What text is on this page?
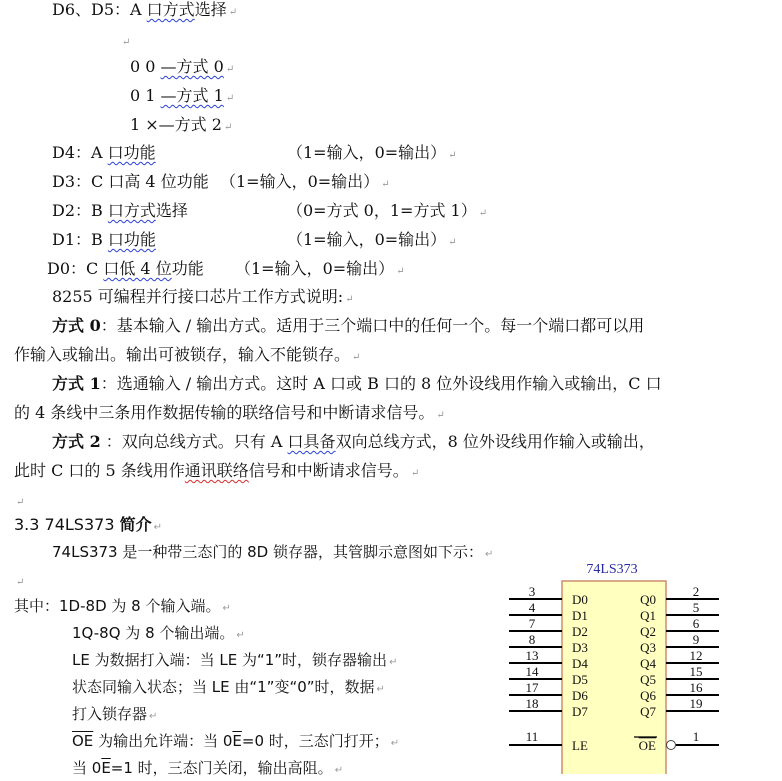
D6、D5：A 口方式选择 ↵
↵
0 0 —方式 0 ↵
0 1 —方式 1 ↵
1 ×—方式 2 ↵
D4：A 口功能	（1=输入，0=输出） ↵
D3：C 口高 4 位功能 （1=输入，0=输出） ↵
D2：B 口方式选择	（0=方式 0，1=方式 1） ↵
D1：B 口功能	（1=输入，0=输出） ↵
D0：C 口低 4 位功能 （1=输入，0=输出） ↵
8255 可编程并行接口芯片工作方式说明: ↵
方式 0：基本输入 / 输出方式。适用于三个端口中的任何一个。每一个端口都可以用
作输入或输出。输出可被锁存，输入不能锁存。 ↵
方式 1：选通输入 / 输出方式。这时 A 口或 B 口的 8 位外设线用作输入或输出，C 口
的 4 条线中三条用作数据传输的联络信号和中断请求信号。 ↵
方式 2 ：双向总线方式。只有 A 口具备双向总线方式，8 位外设线用作输入或输出，
此时 C 口的 5 条线用作通讯联络信号和中断请求信号。 ↵
↵
3.3 74LS373 简介 ↵
74LS373 是一种带三态门的 8D 锁存器，其管脚示意图如下示： ↵
↵
其中：1D-8D 为 8 个输入端。 ↵
1Q-8Q 为 8 个输出端。 ↵
LE 为数据打入端：当 LE 为“1”时，锁存器输出 ↵
状态同输入状态；当 LE 由“1”变“0”时，数据 ↵
打入锁存器 ↵
$\overline{OE}$ 为输出允许端：当 $0\overline{E}=0$ 时，三态门打开； ↵
当 $0\overline{E}=1$ 时，三态门关闭，输出高阻。 ↵
74LS373
3
D0
4
D1
7
D2
8
D3
13
D4
14
D5
17
D6
18
D7
2
Q0
5
Q1
6
Q2
9
Q3
12
Q4
15
Q5
16
Q6
19
Q7
11
LE	OE
1
